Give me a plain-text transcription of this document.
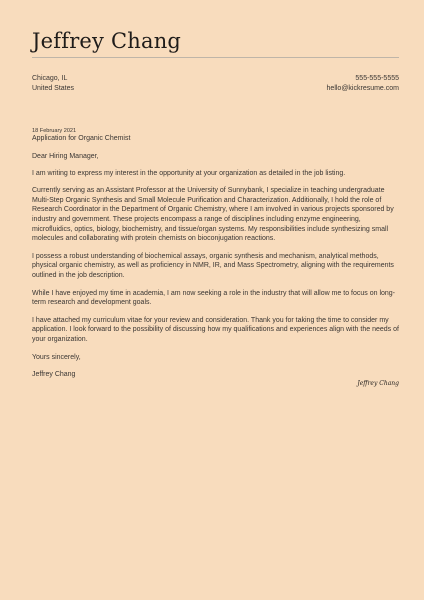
Jeffrey Chang
Chicago, IL
United States
555-555-5555
hello@kickresume.com
18 February 2021
Application for Organic Chemist

Dear Hiring Manager,

I am writing to express my interest in the opportunity at your organization as detailed in the job listing.

Currently serving as an Assistant Professor at the University of Sunnybank, I specialize in teaching undergraduate Multi-Step Organic Synthesis and Small Molecule Purification and Characterization. Additionally, I hold the role of Research Coordinator in the Department of Organic Chemistry, where I am involved in various projects sponsored by industry and government. These projects encompass a range of disciplines including enzyme engineering, microfluidics, optics, biology, biochemistry, and tissue/organ systems. My responsibilities include synthesizing small molecules and collaborating with protein chemists on bioconjugation reactions.

I possess a robust understanding of biochemical assays, organic synthesis and mechanism, analytical methods, physical organic chemistry, as well as proficiency in NMR, IR, and Mass Spectrometry, aligning with the requirements outlined in the job description.

While I have enjoyed my time in academia, I am now seeking a role in the industry that will allow me to focus on long-term research and development goals.

I have attached my curriculum vitae for your review and consideration. Thank you for taking the time to consider my application. I look forward to the possibility of discussing how my qualifications and experiences align with the needs of your organization.

Yours sincerely,

Jeffrey Chang

Jeffrey Chang
